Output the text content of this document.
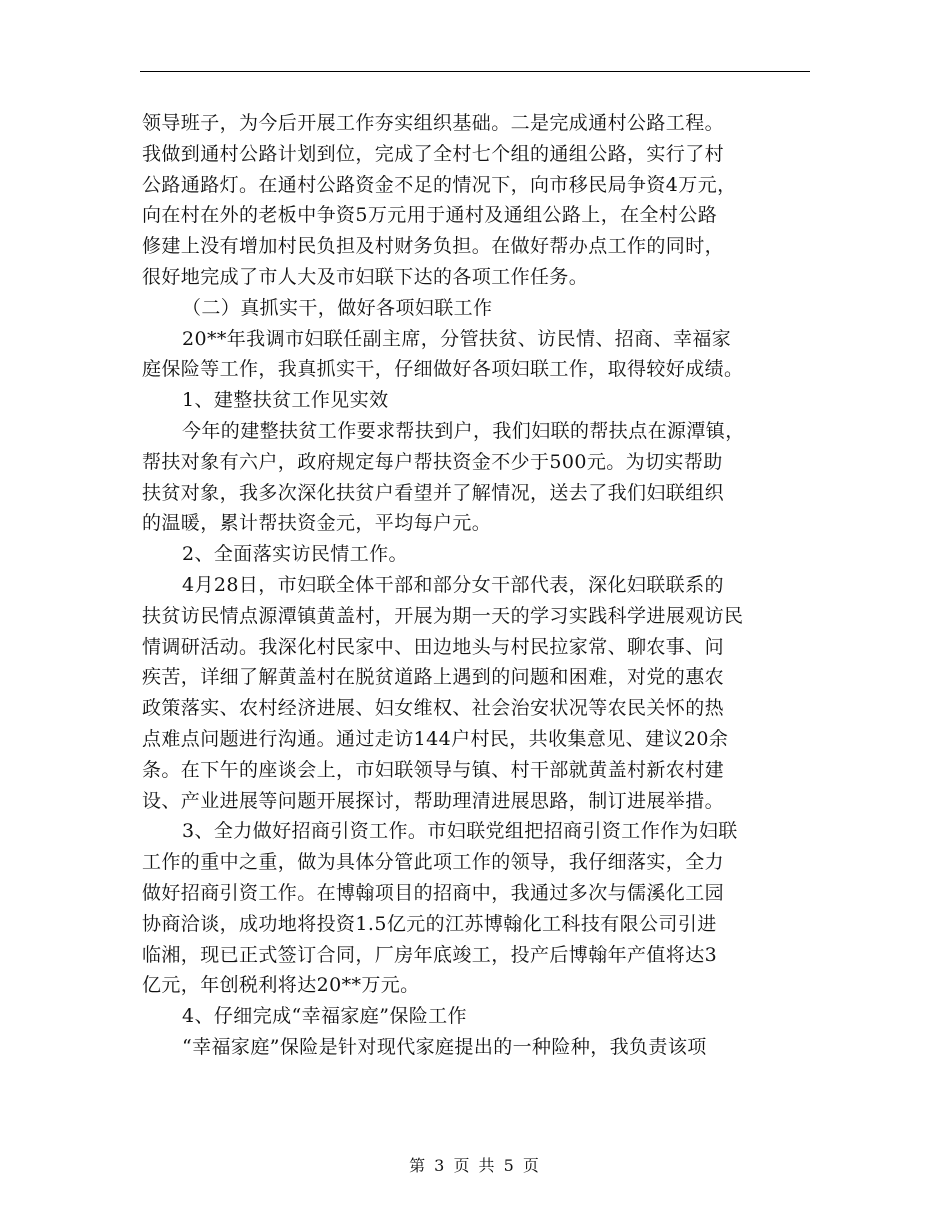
领导班子，为今后开展工作夯实组织基础。二是完成通村公路工程。
我做到通村公路计划到位，完成了全村七个组的通组公路，实行了村
公路通路灯。在通村公路资金不足的情况下，向市移民局争资4万元，
向在村在外的老板中争资5万元用于通村及通组公路上，在全村公路
修建上没有增加村民负担及村财务负担。在做好帮办点工作的同时，
很好地完成了市人大及市妇联下达的各项工作任务。
（二）真抓实干，做好各项妇联工作
20**年我调市妇联任副主席，分管扶贫、访民情、招商、幸福家
庭保险等工作，我真抓实干，仔细做好各项妇联工作，取得较好成绩。
1、建整扶贫工作见实效
今年的建整扶贫工作要求帮扶到户，我们妇联的帮扶点在源潭镇，
帮扶对象有六户，政府规定每户帮扶资金不少于500元。为切实帮助
扶贫对象，我多次深化扶贫户看望并了解情况，送去了我们妇联组织
的温暖，累计帮扶资金元，平均每户元。
2、全面落实访民情工作。
4月28日，市妇联全体干部和部分女干部代表，深化妇联联系的
扶贫访民情点源潭镇黄盖村，开展为期一天的学习实践科学进展观访民
情调研活动。我深化村民家中、田边地头与村民拉家常、聊农事、问
疾苦，详细了解黄盖村在脱贫道路上遇到的问题和困难，对党的惠农
政策落实、农村经济进展、妇女维权、社会治安状况等农民关怀的热
点难点问题进行沟通。通过走访144户村民，共收集意见、建议20余
条。在下午的座谈会上，市妇联领导与镇、村干部就黄盖村新农村建
设、产业进展等问题开展探讨，帮助理清进展思路，制订进展举措。
3、全力做好招商引资工作。市妇联党组把招商引资工作作为妇联
工作的重中之重，做为具体分管此项工作的领导，我仔细落实，全力
做好招商引资工作。在博翰项目的招商中，我通过多次与儒溪化工园
协商洽谈，成功地将投资1.5亿元的江苏博翰化工科技有限公司引进
临湘，现已正式签订合同，厂房年底竣工，投产后博翰年产值将达3
亿元，年创税利将达20**万元。
4、仔细完成“幸福家庭”保险工作
“幸福家庭”保险是针对现代家庭提出的一种险种，我负责该项
第 3 页 共 5 页
